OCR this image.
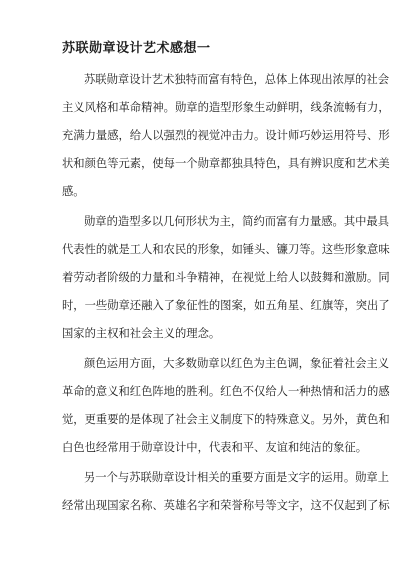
苏联勋章设计艺术感想一
苏联勋章设计艺术独特而富有特色，总体上体现出浓厚的社会
主义风格和革命精神。勋章的造型形象生动鲜明，线条流畅有力，
充满力量感，给人以强烈的视觉冲击力。设计师巧妙运用符号、形
状和颜色等元素，使每一个勋章都独具特色，具有辨识度和艺术美
感。
勋章的造型多以几何形状为主，简约而富有力量感。其中最具
代表性的就是工人和农民的形象，如锤头、镰刀等。这些形象意味
着劳动者阶级的力量和斗争精神，在视觉上给人以鼓舞和激励。同
时，一些勋章还融入了象征性的图案，如五角星、红旗等，突出了
国家的主权和社会主义的理念。
颜色运用方面，大多数勋章以红色为主色调，象征着社会主义
革命的意义和红色阵地的胜利。红色不仅给人一种热情和活力的感
觉，更重要的是体现了社会主义制度下的特殊意义。另外，黄色和
白色也经常用于勋章设计中，代表和平、友谊和纯洁的象征。
另一个与苏联勋章设计相关的重要方面是文字的运用。勋章上
经常出现国家名称、英雄名字和荣誉称号等文字，这不仅起到了标
